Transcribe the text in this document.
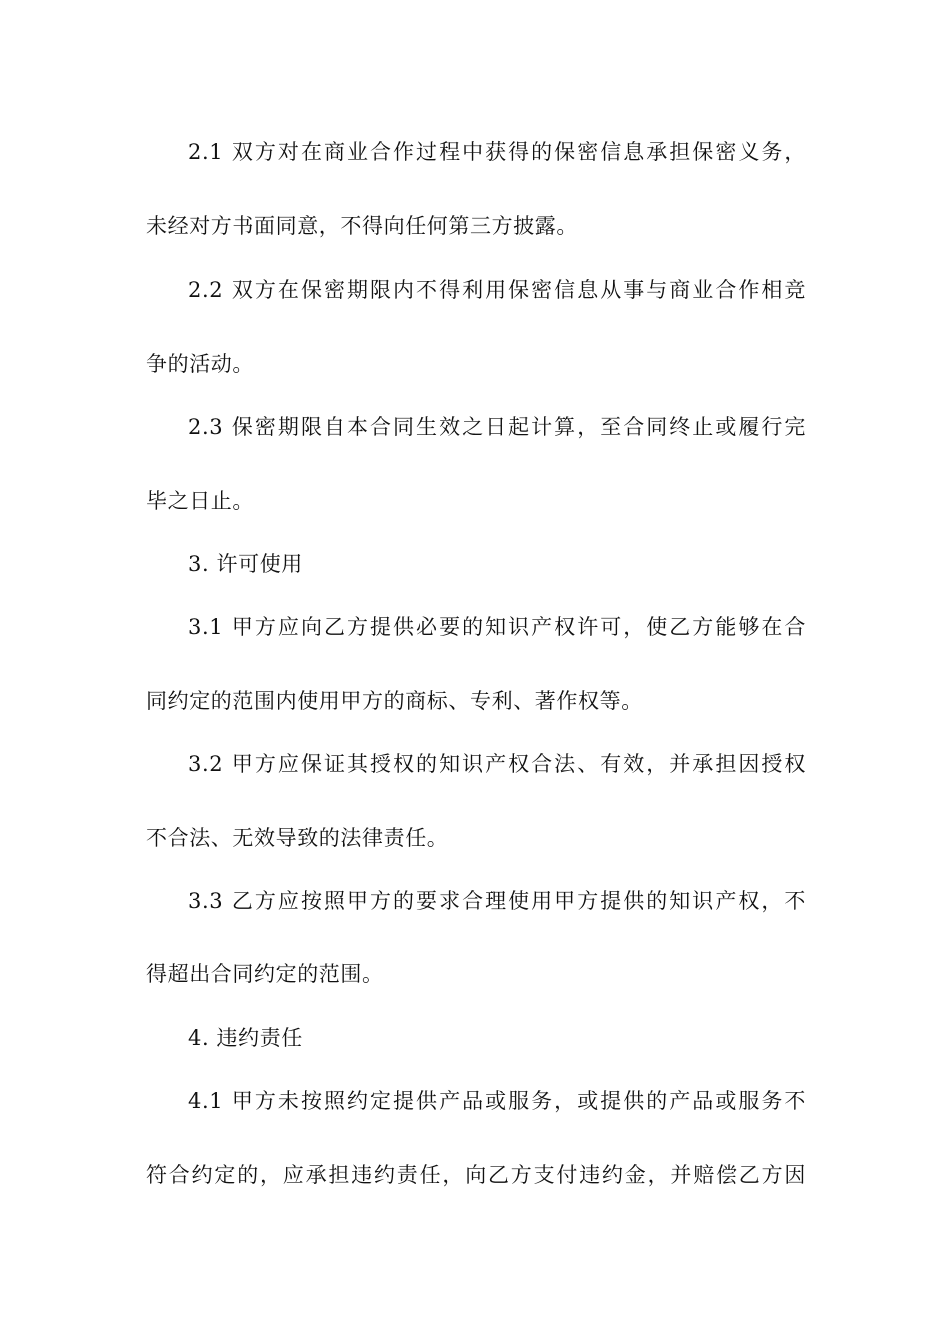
2.1 双方对在商业合作过程中获得的保密信息承担保密义务，
未经对方书面同意，不得向任何第三方披露。
2.2 双方在保密期限内不得利用保密信息从事与商业合作相竞
争的活动。
2.3 保密期限自本合同生效之日起计算，至合同终止或履行完
毕之日止。
3. 许可使用
3.1 甲方应向乙方提供必要的知识产权许可，使乙方能够在合
同约定的范围内使用甲方的商标、专利、著作权等。
3.2 甲方应保证其授权的知识产权合法、有效，并承担因授权
不合法、无效导致的法律责任。
3.3 乙方应按照甲方的要求合理使用甲方提供的知识产权，不
得超出合同约定的范围。
4. 违约责任
4.1 甲方未按照约定提供产品或服务，或提供的产品或服务不
符合约定的，应承担违约责任，向乙方支付违约金，并赔偿乙方因
